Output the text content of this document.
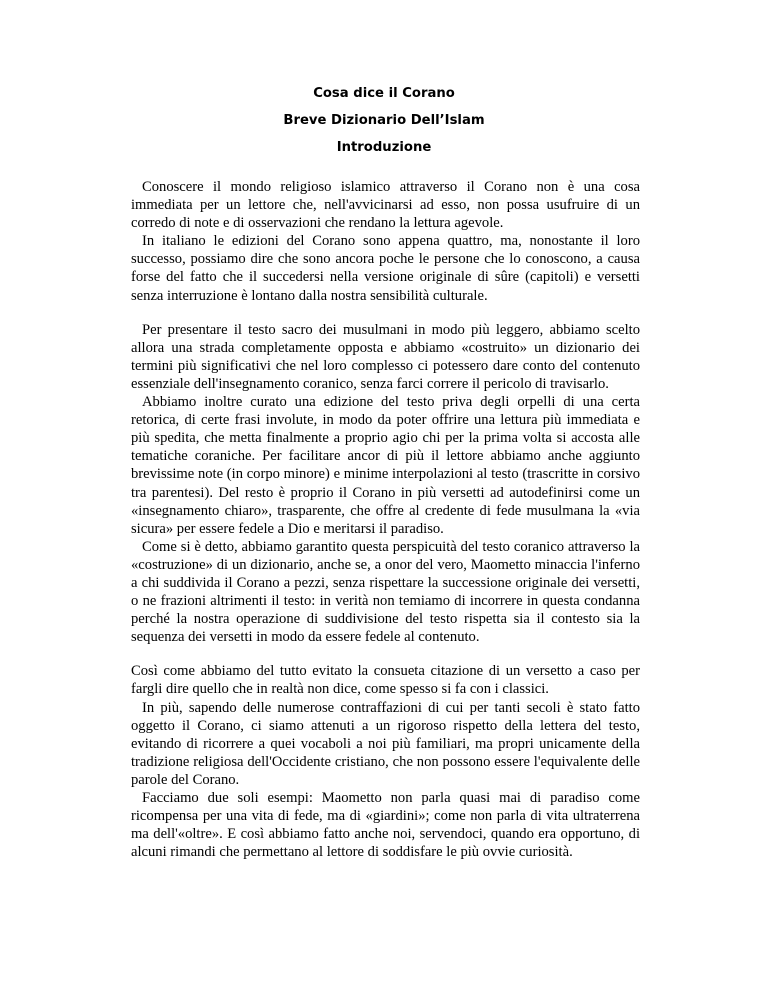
Cosa dice il Corano
Breve Dizionario Dell’Islam
Introduzione

Conoscere il mondo religioso islamico attraverso il Corano non è una cosa immediata per un lettore che, nell'avvicinarsi ad esso, non possa usufruire di un corredo di note e di osservazioni che rendano la lettura agevole.

In italiano le edizioni del Corano sono appena quattro, ma, nonostante il loro successo, possiamo dire che sono ancora poche le persone che lo conoscono, a causa forse del fatto che il succedersi nella versione originale di sûre (capitoli) e versetti senza interruzione è lontano dalla nostra sensibilità culturale.

Per presentare il testo sacro dei musulmani in modo più leggero, abbiamo scelto allora una strada completamente opposta e abbiamo «costruito» un dizionario dei termini più significativi che nel loro complesso ci potessero dare conto del contenuto essenziale dell'insegnamento coranico, senza farci correre il pericolo di travisarlo.

Abbiamo inoltre curato una edizione del testo priva degli orpelli di una certa retorica, di certe frasi involute, in modo da poter offrire una lettura più immediata e più spedita, che metta finalmente a proprio agio chi per la prima volta si accosta alle tematiche coraniche. Per facilitare ancor di più il lettore abbiamo anche aggiunto brevissime note (in corpo minore) e minime interpolazioni al testo (trascritte in corsivo tra parentesi). Del resto è proprio il Corano in più versetti ad autodefinirsi come un «insegnamento chiaro», trasparente, che offre al credente di fede musulmana la «via sicura» per essere fedele a Dio e meritarsi il paradiso.

Come si è detto, abbiamo garantito questa perspicuità del testo coranico attraverso la «costruzione» di un dizionario, anche se, a onor del vero, Maometto minaccia l'inferno a chi suddivida il Corano a pezzi, senza rispettare la successione originale dei versetti, o ne frazioni altrimenti il testo: in verità non temiamo di incorrere in questa condanna perché la nostra operazione di suddivisione del testo rispetta sia il contesto sia la sequenza dei versetti in modo da essere fedele al contenuto.

Così come abbiamo del tutto evitato la consueta citazione di un versetto a caso per fargli dire quello che in realtà non dice, come spesso si fa con i classici.

In più, sapendo delle numerose contraffazioni di cui per tanti secoli è stato fatto oggetto il Corano, ci siamo attenuti a un rigoroso rispetto della lettera del testo, evitando di ricorrere a quei vocaboli a noi più familiari, ma propri unicamente della tradizione religiosa dell'Occidente cristiano, che non possono essere l'equivalente delle parole del Corano.

Facciamo due soli esempi: Maometto non parla quasi mai di paradiso come ricompensa per una vita di fede, ma di «giardini»; come non parla di vita ultraterrena ma dell'«oltre». E così abbiamo fatto anche noi, servendoci, quando era opportuno, di alcuni rimandi che permettano al lettore di soddisfare le più ovvie curiosità.
